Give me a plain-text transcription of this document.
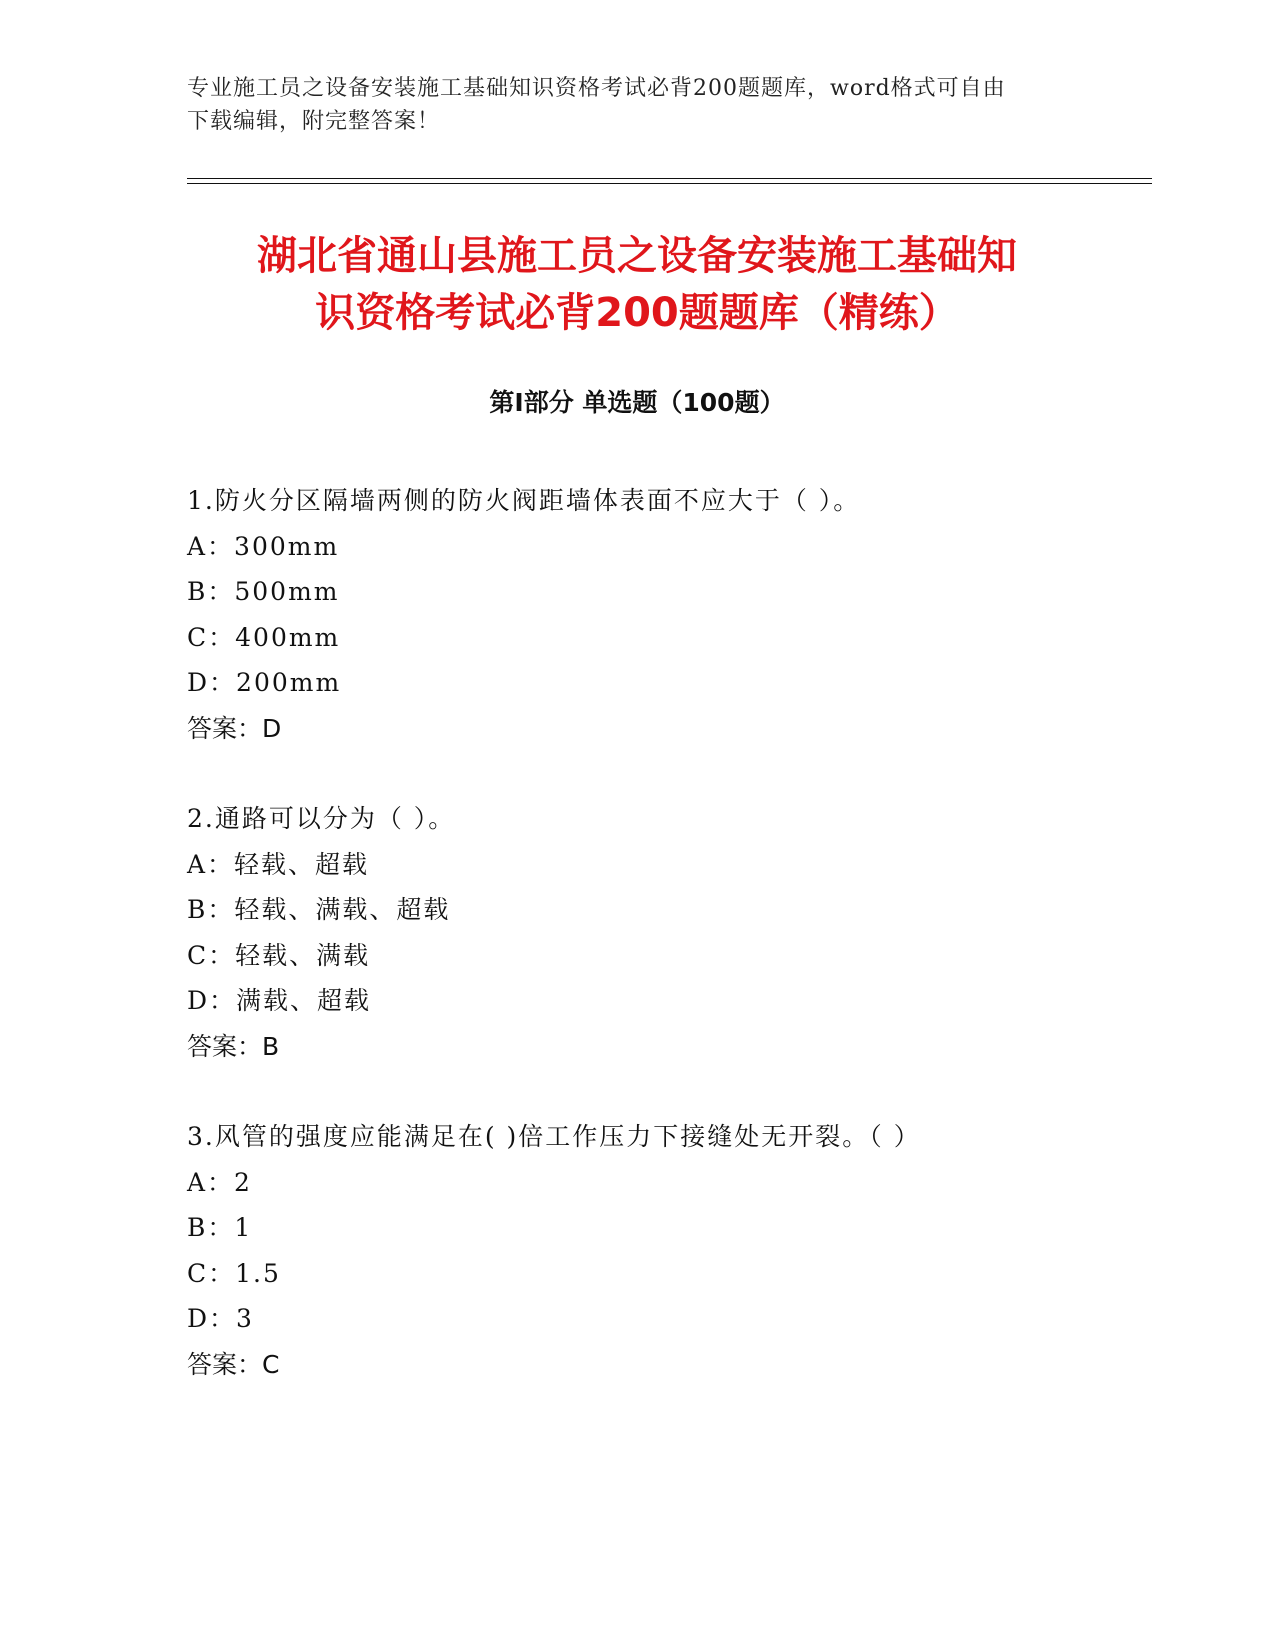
专业施工员之设备安装施工基础知识资格考试必背200题题库，word格式可自由
下载编辑，附完整答案！
湖北省通山县施工员之设备安装施工基础知
识资格考试必背200题题库（精练）
第Ⅰ部分 单选题（100题）
1.防火分区隔墙两侧的防火阀距墙体表面不应大于（ ）。
A：300mm
B：500mm
C：400mm
D：200mm
答案：D
2.通路可以分为（ ）。
A：轻载、超载
B：轻载、满载、超载
C：轻载、满载
D：满载、超载
答案：B
3.风管的强度应能满足在( )倍工作压力下接缝处无开裂。（ ）
A：2
B：1
C：1.5
D：3
答案：C
